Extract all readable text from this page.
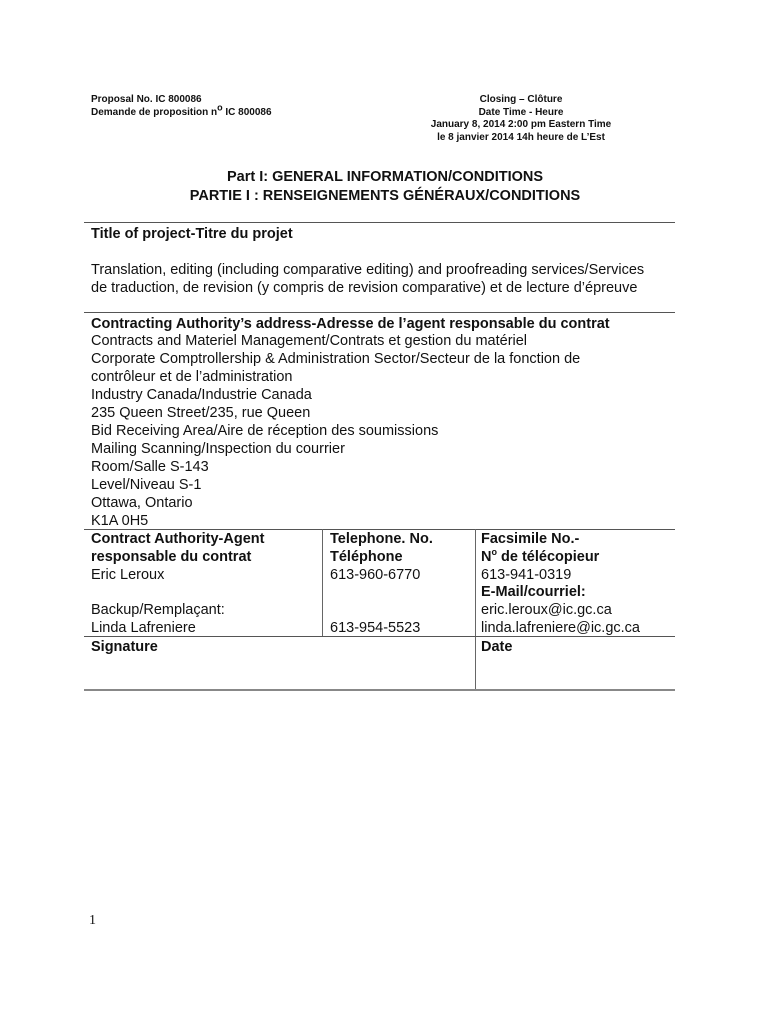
Proposal No. IC 800086
Demande de proposition $n^o$ IC 800086
Closing – Clôture
Date Time - Heure
January 8, 2014 2:00 pm Eastern Time
le 8 janvier 2014 14h heure de L’Est
Part I: GENERAL INFORMATION/CONDITIONS
PARTIE I : RENSEIGNEMENTS GÉNÉRAUX/CONDITIONS
Title of project-Titre du projet
Translation, editing (including comparative editing) and proofreading services/Services
de traduction, de revision (y compris de revision comparative) et de lecture d’épreuve
Contracting Authority’s address-Adresse de l’agent responsable du contrat
Contracts and Materiel Management/Contrats et gestion du matériel
Corporate Comptrollership & Administration Sector/Secteur de la fonction de
contrôleur et de l’administration
Industry Canada/Industrie Canada
235 Queen Street/235, rue Queen
Bid Receiving Area/Aire de réception des soumissions
Mailing Scanning/Inspection du courrier
Room/Salle S-143
Level/Niveau S-1
Ottawa, Ontario
K1A 0H5
Contract Authority-Agent
responsable du contrat
Eric Leroux
Backup/Remplaçant:
Linda Lafreniere
Telephone. No.
Téléphone
613-960-6770
613-954-5523
Facsimile No.-
$N^o$ de télécopieur
613-941-0319
E-Mail/courriel:
eric.leroux@ic.gc.ca
linda.lafreniere@ic.gc.ca
Signature	Date
1
